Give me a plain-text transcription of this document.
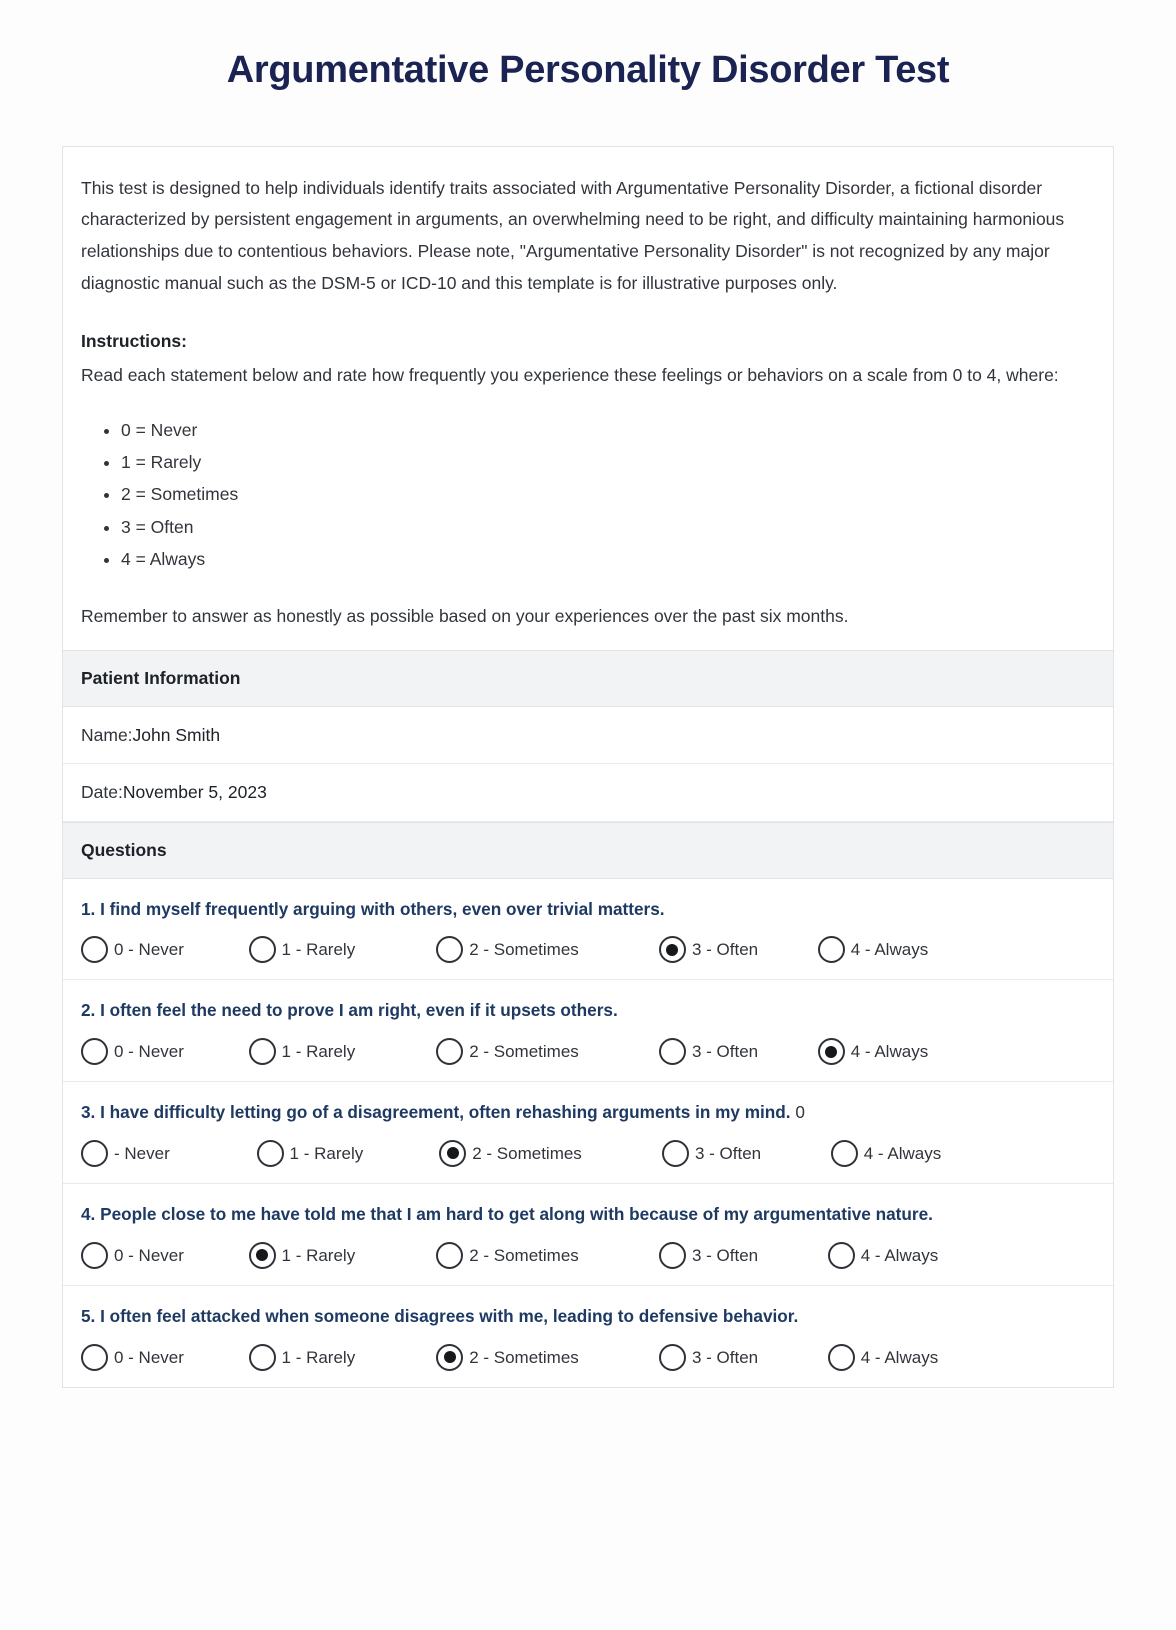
Argumentative Personality Disorder Test

This test is designed to help individuals identify traits associated with Argumentative Personality Disorder, a fictional disorder characterized by persistent engagement in arguments, an overwhelming need to be right, and difficulty maintaining harmonious relationships due to contentious behaviors. Please note, "Argumentative Personality Disorder" is not recognized by any major diagnostic manual such as the DSM-5 or ICD-10 and this template is for illustrative purposes only.

Instructions:

Read each statement below and rate how frequently you experience these feelings or behaviors on a scale from 0 to 4, where:

• 0 = Never
• 1 = Rarely
• 2 = Sometimes
• 3 = Often
• 4 = Always

Remember to answer as honestly as possible based on your experiences over the past six months.

Patient Information
Name:John Smith
Date:November 5, 2023
Questions

1. I find myself frequently arguing with others, even over trivial matters.

0 - Never	1 - Rarely	2 - Sometimes	3 - Often	4 - Always

2. I often feel the need to prove I am right, even if it upsets others.

0 - Never	1 - Rarely	2 - Sometimes	3 - Often	4 - Always

3. I have difficulty letting go of a disagreement, often rehashing arguments in my mind. 0

- Never	1 - Rarely	2 - Sometimes	3 - Often	4 - Always

4. People close to me have told me that I am hard to get along with because of my argumentative nature.

0 - Never	1 - Rarely	2 - Sometimes	3 - Often	4 - Always

5. I often feel attacked when someone disagrees with me, leading to defensive behavior.

0 - Never	1 - Rarely	2 - Sometimes	3 - Often	4 - Always
